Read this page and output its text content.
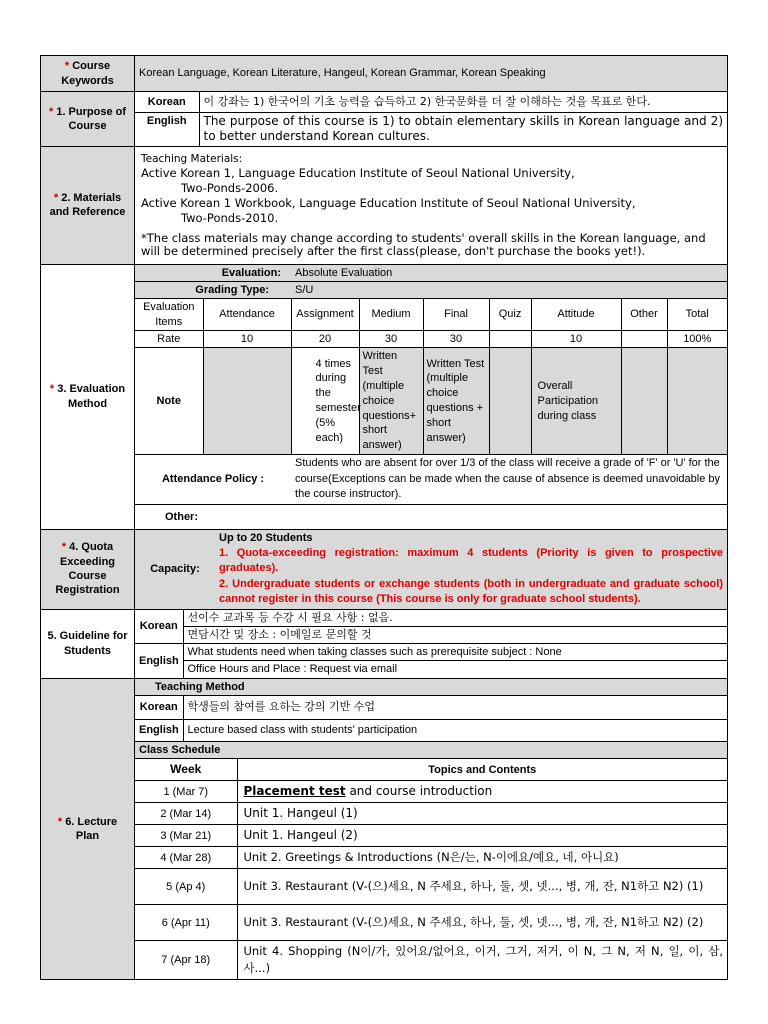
* Course Keywords	Korean Language, Korean Literature, Hangeul, Korean Grammar, Korean Speaking
* 1. Purpose of Course	
Korean	이 강좌는 1) 한국어의 기초 능력을 습득하고 2) 한국문화를 더 잘 이해하는 것을 목표로 한다.
English	The purpose of this course is 1) to obtain elementary skills in Korean language and 2) to better understand Korean cultures.

* 2. Materials and Reference	
Teaching Materials:
Active Korean 1, Language Education Institute of Seoul National University,
Two-Ponds-2006.
Active Korean 1 Workbook, Language Education Institute of Seoul National University,
Two-Ponds-2010.
*The class materials may change according to students' overall skills in the Korean language, and will be determined precisely after the first class(please, don't purchase the books yet!).

* 3. Evaluation Method	
Evaluation:	Absolute Evaluation
Grading Type:	S/U
Evaluation Items	Attendance	Assignment	Medium	Final	Quiz	Attitude	Other	Total
Rate	10	20	30	30		10		100%
Note		4 times during the semester (5% each)	Written Test (multiple choice questions+ short answer)	Written Test (multiple choice questions + short answer)		Overall Participation during class		
Attendance Policy :	Students who are absent for over 1/3 of the class will receive a grade of 'F' or 'U' for the course(Exceptions can be made when the cause of absence is deemed unavoidable by the course instructor).
Other:	

* 4. Quota Exceeding Course Registration	
Capacity:	
Up to 20 Students
1. Quota-exceeding registration: maximum 4 students (Priority is given to prospective graduates).
2. Undergraduate students or exchange students (both in undergraduate and graduate school) cannot register in this course (This course is only for graduate school students).

5. Guideline for Students	
Korean	선이수 교과목 등 수강 시 필요 사항 : 없음.
면담시간 및 장소 : 이메일로 문의할 것
English	What students need when taking classes such as prerequisite subject : None
Office Hours and Place : Request via email

* 6. Lecture Plan	
Teaching Method
Korean	학생들의 참여를 요하는 강의 기반 수업
English	Lecture based class with students' participation
Class Schedule
Week	Topics and Contents
1 (Mar 7)	Placement test and course introduction
2 (Mar 14)	Unit 1. Hangeul (1)
3 (Mar 21)	Unit 1. Hangeul (2)
4 (Mar 28)	Unit 2. Greetings & Introductions (N은/는, N-이에요/예요, 네, 아니요)
5 (Ap 4)	Unit 3. Restaurant (V-(으)세요, N 주세요, 하나, 둘, 셋, 넷..., 병, 개, 잔, N1하고 N2) (1)
6 (Apr 11)	Unit 3. Restaurant (V-(으)세요, N 주세요, 하나, 둘, 셋, 넷..., 병, 개, 잔, N1하고 N2) (2)
7 (Apr 18)	Unit 4. Shopping (N이/가, 있어요/없어요, 이거, 그거, 저거, 이 N, 그 N, 저 N, 일, 이, 삼, 사...)
